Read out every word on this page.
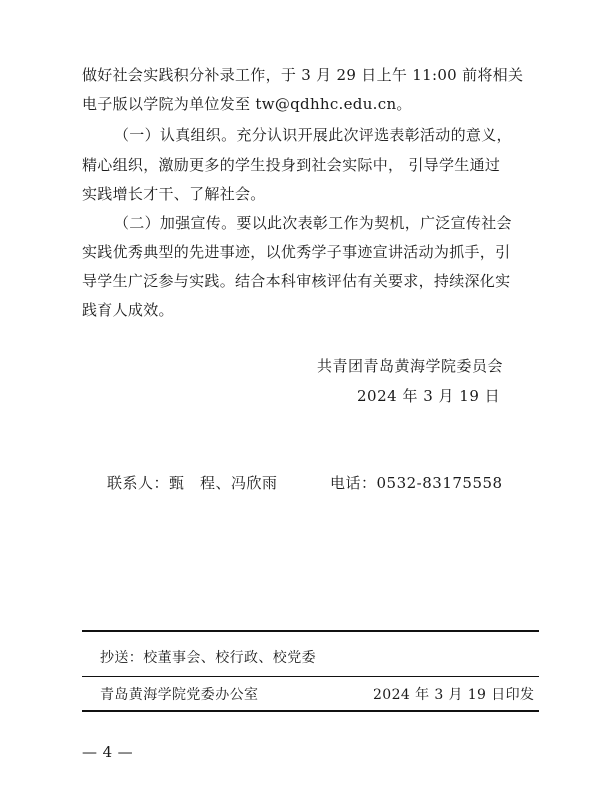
做好社会实践积分补录工作，于 3 月 29 日上午 11:00 前将相关
电子版以学院为单位发至 tw@qdhhc.edu.cn。
（一）认真组织。充分认识开展此次评选表彰活动的意义，
精心组织，激励更多的学生投身到社会实际中， 引导学生通过
实践增长才干、了解社会。
（二）加强宣传。要以此次表彰工作为契机，广泛宣传社会
实践优秀典型的先进事迹，以优秀学子事迹宣讲活动为抓手，引
导学生广泛参与实践。结合本科审核评估有关要求，持续深化实
践育人成效。
共青团青岛黄海学院委员会
2024 年 3 月 19 日
联系人：甄　程、冯欣雨	电话：0532-83175558
抄送：校董事会、校行政、校党委
青岛黄海学院党委办公室	2024 年 3 月 19 日印发
— 4 —
